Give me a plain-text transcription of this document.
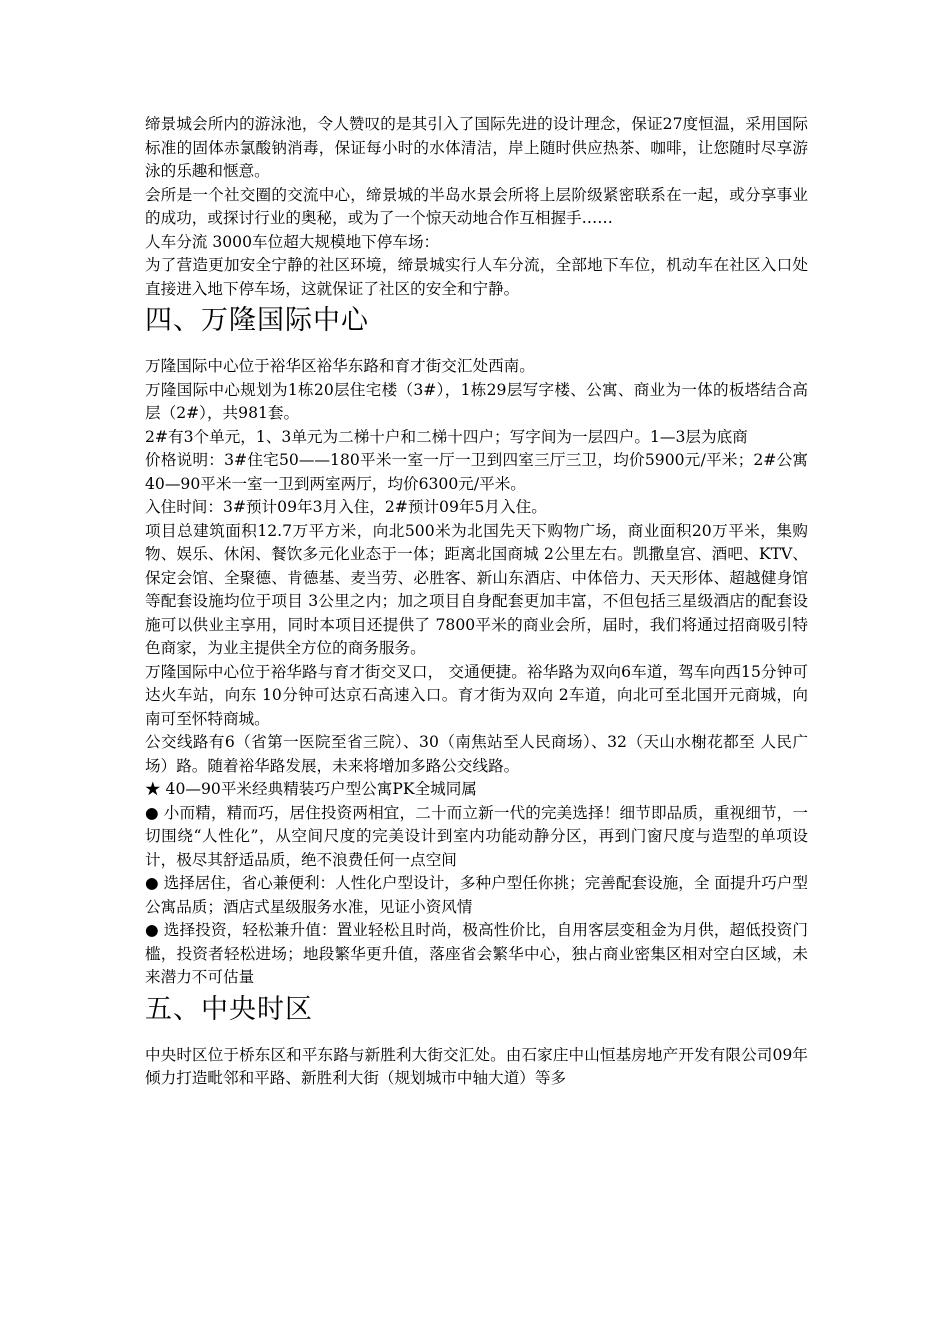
缔景城会所内的游泳池，令人赞叹的是其引入了国际先进的设计理念，保证27度恒温，采用国际标准的固体赤氯酸钠消毒，保证每小时的水体清洁，岸上随时供应热茶、咖啡，让您随时尽享游泳的乐趣和惬意。

会所是一个社交圈的交流中心，缔景城的半岛水景会所将上层阶级紧密联系在一起，或分享事业的成功，或探讨行业的奥秘，或为了一个惊天动地合作互相握手……

人车分流 3000车位超大规模地下停车场：

为了营造更加安全宁静的社区环境，缔景城实行人车分流，全部地下车位，机动车在社区入口处直接进入地下停车场，这就保证了社区的安全和宁静。

四、万隆国际中心

万隆国际中心位于裕华区裕华东路和育才街交汇处西南。

万隆国际中心规划为1栋20层住宅楼（3#），1栋29层写字楼、公寓、商业为一体的板塔结合高层（2#），共981套。

2#有3个单元，1、3单元为二梯十户和二梯十四户；写字间为一层四户。1—3层为底商

价格说明：3#住宅50——180平米一室一厅一卫到四室三厅三卫，均价5900元/平米；2#公寓40—90平米一室一卫到两室两厅，均价6300元/平米。

入住时间：3#预计09年3月入住，2#预计09年5月入住。

项目总建筑面积12.7万平方米，向北500米为北国先天下购物广场，商业面积20万平米，集购物、娱乐、休闲、餐饮多元化业态于一体；距离北国商城 2公里左右。凯撒皇宫、酒吧、KTV、保定会馆、全聚德、肯德基、麦当劳、必胜客、新山东酒店、中体倍力、天天形体、超越健身馆等配套设施均位于项目 3公里之内；加之项目自身配套更加丰富，不但包括三星级酒店的配套设施可以供业主享用，同时本项目还提供了 7800平米的商业会所，届时，我们将通过招商吸引特色商家，为业主提供全方位的商务服务。

万隆国际中心位于裕华路与育才街交叉口， 交通便捷。裕华路为双向6车道，驾车向西15分钟可达火车站，向东 10分钟可达京石高速入口。育才街为双向 2车道，向北可至北国开元商城，向南可至怀特商城。

公交线路有6（省第一医院至省三院）、30（南焦站至人民商场）、32（天山水榭花都至 人民广场）路。随着裕华路发展，未来将增加多路公交线路。

★ 40—90平米经典精装巧户型公寓PK全城同属

● 小而精，精而巧，居住投资两相宜，二十而立新一代的完美选择！细节即品质，重视细节，一切围绕“人性化”，从空间尺度的完美设计到室内功能动静分区，再到门窗尺度与造型的单项设计，极尽其舒适品质，绝不浪费任何一点空间

● 选择居住，省心兼便利：人性化户型设计，多种户型任你挑；完善配套设施，全 面提升巧户型公寓品质；酒店式星级服务水准，见证小资风情

● 选择投资，轻松兼升值：置业轻松且时尚，极高性价比，自用客层变租金为月供，超低投资门槛，投资者轻松进场；地段繁华更升值，落座省会繁华中心，独占商业密集区相对空白区域，未来潜力不可估量

五、中央时区

中央时区位于桥东区和平东路与新胜利大街交汇处。由石家庄中山恒基房地产开发有限公司09年倾力打造毗邻和平路、新胜利大街（规划城市中轴大道）等多
